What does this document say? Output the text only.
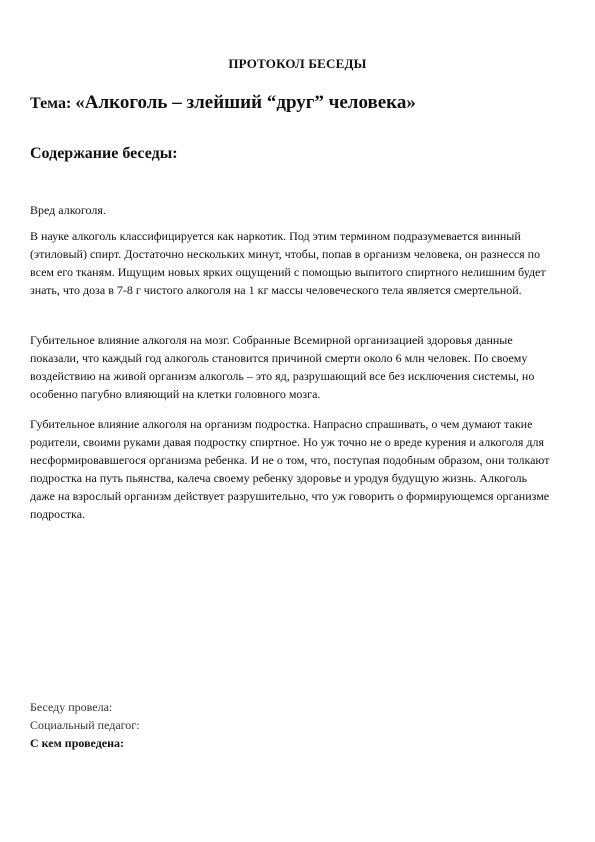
ПРОТОКОЛ БЕСЕДЫ
Тема: «Алкоголь – злейший “друг” человека»
Содержание беседы:
Вред алкоголя.

В науке алкоголь классифицируется как наркотик. Под этим термином подразумевается винный (этиловый) спирт. Достаточно нескольких минут, чтобы, попав в организм человека, он разнесся по всем его тканям. Ищущим новых ярких ощущений с помощью выпитого спиртного нелишним будет знать, что доза в 7-8 г чистого алкоголя на 1 кг массы человеческого тела является смертельной.

Губительное влияние алкоголя на мозг. Собранные Всемирной организацией здоровья данные показали, что каждый год алкоголь становится причиной смерти около 6 млн человек. По своему воздействию на живой организм алкоголь – это яд, разрушающий все без исключения системы, но особенно пагубно влияющий на клетки головного мозга.

Губительное влияние алкоголя на организм подростка. Напрасно спрашивать, о чем думают такие родители, своими руками давая подростку спиртное. Но уж точно не о вреде курения и алкоголя для несформировавшегося организма ребенка. И не о том, что, поступая подобным образом, они толкают подростка на путь пьянства, калеча своему ребенку здоровье и уродуя будущую жизнь. Алкоголь даже на взрослый организм действует разрушительно, что уж говорить о формирующемся организме подростка.

Беседу провела:
Социальный педагог:
С кем проведена:
